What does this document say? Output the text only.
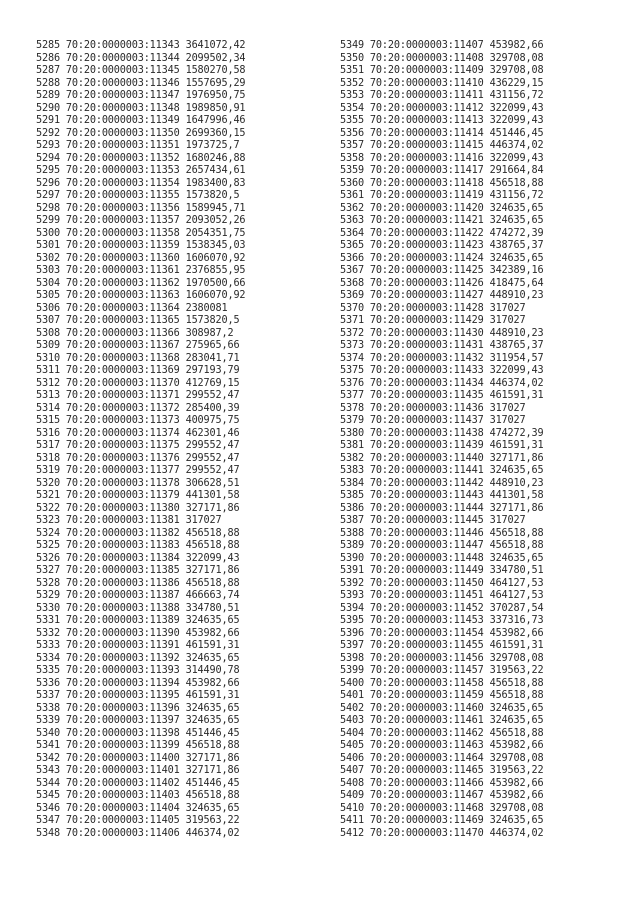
5285 70:20:0000003:11343 3641072,42
5286 70:20:0000003:11344 2099502,34
5287 70:20:0000003:11345 1580270,58
5288 70:20:0000003:11346 1557695,29
5289 70:20:0000003:11347 1976950,75
5290 70:20:0000003:11348 1989850,91
5291 70:20:0000003:11349 1647996,46
5292 70:20:0000003:11350 2699360,15
5293 70:20:0000003:11351 1973725,7
5294 70:20:0000003:11352 1680246,88
5295 70:20:0000003:11353 2657434,61
5296 70:20:0000003:11354 1983400,83
5297 70:20:0000003:11355 1573820,5
5298 70:20:0000003:11356 1589945,71
5299 70:20:0000003:11357 2093052,26
5300 70:20:0000003:11358 2054351,75
5301 70:20:0000003:11359 1538345,03
5302 70:20:0000003:11360 1606070,92
5303 70:20:0000003:11361 2376855,95
5304 70:20:0000003:11362 1970500,66
5305 70:20:0000003:11363 1606070,92
5306 70:20:0000003:11364 2380081
5307 70:20:0000003:11365 1573820,5
5308 70:20:0000003:11366 308987,2
5309 70:20:0000003:11367 275965,66
5310 70:20:0000003:11368 283041,71
5311 70:20:0000003:11369 297193,79
5312 70:20:0000003:11370 412769,15
5313 70:20:0000003:11371 299552,47
5314 70:20:0000003:11372 285400,39
5315 70:20:0000003:11373 400975,75
5316 70:20:0000003:11374 462301,46
5317 70:20:0000003:11375 299552,47
5318 70:20:0000003:11376 299552,47
5319 70:20:0000003:11377 299552,47
5320 70:20:0000003:11378 306628,51
5321 70:20:0000003:11379 441301,58
5322 70:20:0000003:11380 327171,86
5323 70:20:0000003:11381 317027
5324 70:20:0000003:11382 456518,88
5325 70:20:0000003:11383 456518,88
5326 70:20:0000003:11384 322099,43
5327 70:20:0000003:11385 327171,86
5328 70:20:0000003:11386 456518,88
5329 70:20:0000003:11387 466663,74
5330 70:20:0000003:11388 334780,51
5331 70:20:0000003:11389 324635,65
5332 70:20:0000003:11390 453982,66
5333 70:20:0000003:11391 461591,31
5334 70:20:0000003:11392 324635,65
5335 70:20:0000003:11393 314490,78
5336 70:20:0000003:11394 453982,66
5337 70:20:0000003:11395 461591,31
5338 70:20:0000003:11396 324635,65
5339 70:20:0000003:11397 324635,65
5340 70:20:0000003:11398 451446,45
5341 70:20:0000003:11399 456518,88
5342 70:20:0000003:11400 327171,86
5343 70:20:0000003:11401 327171,86
5344 70:20:0000003:11402 451446,45
5345 70:20:0000003:11403 456518,88
5346 70:20:0000003:11404 324635,65
5347 70:20:0000003:11405 319563,22
5348 70:20:0000003:11406 446374,02
5349 70:20:0000003:11407 453982,66
5350 70:20:0000003:11408 329708,08
5351 70:20:0000003:11409 329708,08
5352 70:20:0000003:11410 436229,15
5353 70:20:0000003:11411 431156,72
5354 70:20:0000003:11412 322099,43
5355 70:20:0000003:11413 322099,43
5356 70:20:0000003:11414 451446,45
5357 70:20:0000003:11415 446374,02
5358 70:20:0000003:11416 322099,43
5359 70:20:0000003:11417 291664,84
5360 70:20:0000003:11418 456518,88
5361 70:20:0000003:11419 431156,72
5362 70:20:0000003:11420 324635,65
5363 70:20:0000003:11421 324635,65
5364 70:20:0000003:11422 474272,39
5365 70:20:0000003:11423 438765,37
5366 70:20:0000003:11424 324635,65
5367 70:20:0000003:11425 342389,16
5368 70:20:0000003:11426 418475,64
5369 70:20:0000003:11427 448910,23
5370 70:20:0000003:11428 317027
5371 70:20:0000003:11429 317027
5372 70:20:0000003:11430 448910,23
5373 70:20:0000003:11431 438765,37
5374 70:20:0000003:11432 311954,57
5375 70:20:0000003:11433 322099,43
5376 70:20:0000003:11434 446374,02
5377 70:20:0000003:11435 461591,31
5378 70:20:0000003:11436 317027
5379 70:20:0000003:11437 317027
5380 70:20:0000003:11438 474272,39
5381 70:20:0000003:11439 461591,31
5382 70:20:0000003:11440 327171,86
5383 70:20:0000003:11441 324635,65
5384 70:20:0000003:11442 448910,23
5385 70:20:0000003:11443 441301,58
5386 70:20:0000003:11444 327171,86
5387 70:20:0000003:11445 317027
5388 70:20:0000003:11446 456518,88
5389 70:20:0000003:11447 456518,88
5390 70:20:0000003:11448 324635,65
5391 70:20:0000003:11449 334780,51
5392 70:20:0000003:11450 464127,53
5393 70:20:0000003:11451 464127,53
5394 70:20:0000003:11452 370287,54
5395 70:20:0000003:11453 337316,73
5396 70:20:0000003:11454 453982,66
5397 70:20:0000003:11455 461591,31
5398 70:20:0000003:11456 329708,08
5399 70:20:0000003:11457 319563,22
5400 70:20:0000003:11458 456518,88
5401 70:20:0000003:11459 456518,88
5402 70:20:0000003:11460 324635,65
5403 70:20:0000003:11461 324635,65
5404 70:20:0000003:11462 456518,88
5405 70:20:0000003:11463 453982,66
5406 70:20:0000003:11464 329708,08
5407 70:20:0000003:11465 319563,22
5408 70:20:0000003:11466 453982,66
5409 70:20:0000003:11467 453982,66
5410 70:20:0000003:11468 329708,08
5411 70:20:0000003:11469 324635,65
5412 70:20:0000003:11470 446374,02
